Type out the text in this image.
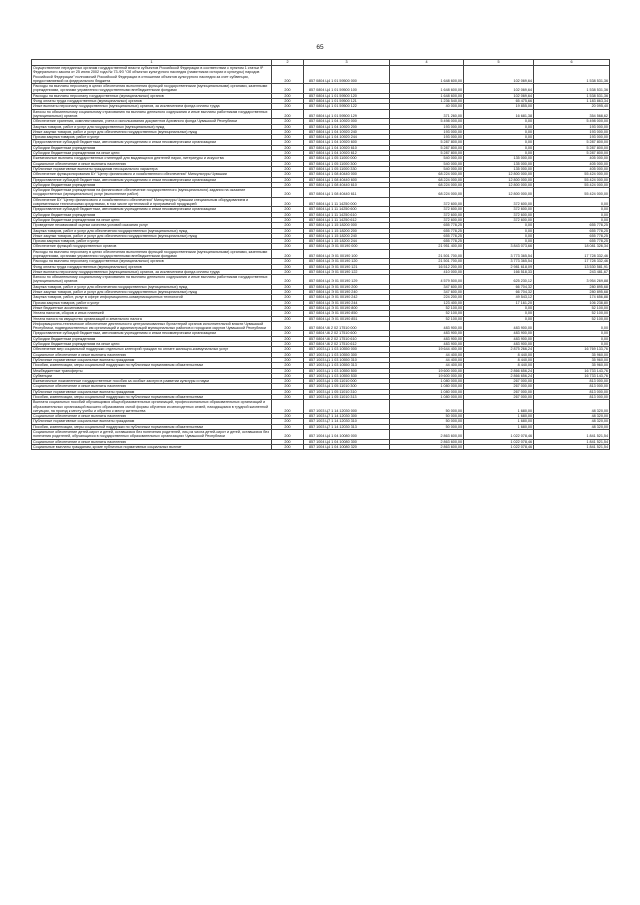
65
1	2	3	4	5	6
Осуществление переданных органам государственной власти субъектов Российской Федерации в соответствии с пунктом 1 статьи 9¹ Федерального закона от 25 июня 2002 года № 73-ФЗ "Об объектах культурного наследия (памятниках истории и культуры) народов Российской Федерации" полномочий Российской Федерации в отношении объектов культурного наследия за счет субвенции, предоставляемой из федерального бюджета	200	857 0804 Ц4 1 01 59500 000	1 648 600,00	102 069,64	1 538 531,36
Расходы на выплаты персоналу в целях обеспечения выполнения функций государственными (муниципальными) органами, казенными учреждениями, органами управления государственными внебюджетными фондами	200	857 0804 Ц4 1 01 59500 100	1 648 600,00	102 069,64	1 538 531,36
Расходы на выплаты персоналу государственных (муниципальных) органов	200	857 0804 Ц4 1 01 59500 120	1 648 600,00	102 069,64	1 538 531,36
Фонд оплаты труда государственных (муниципальных) органов	200	857 0804 Ц4 1 01 59500 121	1 236 540,00	65 475,66	1 183 863,34
Иные выплаты персоналу государственных (муниципальных) органов, за исключением фонда оплаты труда	200	857 0804 Ц4 1 01 59500 122	40 000,00	19 855,00	20 095,40
Взносы по обязательному социальному страхованию на выплаты денежного содержания и иные выплаты работникам государственных (муниципальных) органов	200	857 0804 Ц4 1 01 59500 129	371 260,00	16 681,38	354 568,62
Обеспечение хранения, комплектования, учета и использования документов Архивного фонда Чувашской Республики	200	857 0804 Ц4 1 04 10920 000	5 498 000,00	0,00	5 498 000,00
Закупка товаров, работ и услуг для государственных (муниципальных) нужд	200	857 0804 Ц4 1 04 10920 200	193 000,00	0,00	193 000,00
Иные закупки товаров, работ и услуг для обеспечения государственных (муниципальных) нужд	200	857 0804 Ц4 1 04 10920 240	193 000,00	0,00	193 000,00
Прочая закупка товаров, работ и услуг	200	857 0804 Ц4 1 04 10920 244	193 000,00	0,00	193 000,00
Предоставление субсидий бюджетным, автономным учреждениям и иным некоммерческим организациям	200	857 0804 Ц4 1 04 10920 600	5 287 800,00	0,00	5 287 800,00
Субсидии бюджетным учреждениям	200	857 0804 Ц4 1 04 10920 610	5 287 800,00	0,00	5 287 800,00
Субсидии бюджетным учреждениям на иные цели	200	857 0804 Ц4 1 04 10920 612	5 287 800,00	0,00	5 287 800,00
Ежемесячные выплаты государственных стипендий для выдающихся деятелей науки, литературы и искусства	200	857 0804 Ц4 1 05 11000 000	540 000,00	135 000,00	405 000,00
Социальное обеспечение и иные выплаты населению	200	857 0804 Ц4 1 05 11000 300	540 000,00	135 000,00	405 000,00
Публичные нормативные выплаты гражданам несоциального характера	200	857 0804 Ц4 1 05 11000 330	540 000,00	135 000,00	405 000,00
Обеспечение функционирования БУ "Центр финансового и хозяйственного обеспечения" Минкультуры Чувашии	200	857 0804 Ц4 1 08 40440 000	68 224 000,00	12 800 000,00	55 424 000,00
Предоставление субсидий бюджетным, автономным учреждениям и иным некоммерческим организациям	200	857 0804 Ц4 1 08 40440 600	68 224 000,00	12 800 000,00	55 424 000,00
Субсидии бюджетным учреждениям	200	857 0804 Ц4 1 08 40440 610	68 224 000,00	12 800 000,00	55 424 000,00
Субсидии бюджетным учреждениям на финансовое обеспечение государственного (муниципального) задания на оказание государственных (муниципальных) услуг (выполнение работ)	200	857 0804 Ц4 1 08 40440 611	68 224 000,00	12 800 000,00	55 424 000,00
Обеспечение БУ "Центр финансового и хозяйственного обеспечения" Минкультуры Чувашии специальным оборудованием и современными техническими средствами, в том числе оргтехникой и программной продукцией	200	857 0804 Ц4 1 11 14250 000	372 600,00	372 600,00	0,00
Предоставление субсидий бюджетным, автономным учреждениям и иным некоммерческим организациям	200	857 0804 Ц4 1 11 14250 600	372 600,00	372 600,00	0,00
Субсидии бюджетным учреждениям	200	857 0804 Ц4 1 11 14250 610	372 600,00	372 600,00	0,00
Субсидии бюджетным учреждениям на иные цели	200	857 0804 Ц4 1 11 14250 612	372 600,00	372 600,00	0,00
Проведение независимой оценки качества условий оказания услуг	200	857 0804 Ц4 1 15 18200 000	655 778,25	0,00	655 778,25
Закупка товаров, работ и услуг для обеспечения государственных (муниципальных) нужд	200	857 0804 Ц4 1 15 18200 200	655 778,25	0,00	655 778,25
Иные закупки товаров, работ и услуг для обеспечения государственных (муниципальных) нужд	200	857 0804 Ц4 1 15 18200 240	655 778,25	0,00	655 778,25
Прочая закупка товаров, работ и услуг	200	857 0804 Ц4 1 15 18200 244	655 778,25	0,00	655 778,25
Обеспечение функций государственных органов	200	857 0804 Ц4 Э 01 00190 000	21 951 400,00	3 843 073,66	18 081 326,34
Расходы на выплаты персоналу в целях обеспечения выполнения функций государственными (муниципальными) органами, казенными учреждениями, органами управления государственными внебюджетными фондами	200	857 0804 Ц4 Э 01 00190 100	21 501 700,00	3 773 365,54	17 728 332,46
Расходы на выплаты персоналу государственных (муниципальных) органов	200	857 0804 Ц4 Э 01 00190 120	21 501 700,00	3 773 365,54	17 728 332,46
Фонд оплаты труда государственных (муниципальных) органов	200	857 0804 Ц4 Э 01 00190 121	16 512 200,00	2 981 618,09	13 530 581,91
Иные выплаты персоналу государственных (муниципальных) органов, за исключением фонда оплаты труда	200	857 0804 Ц4 Э 01 00190 122	410 000,00	166 518,33	243 481,67
Взносы по обязательному социальному страхованию на выплаты денежного содержания и иные выплаты работникам государственных (муниципальных) органов	200	857 0804 Ц4 Э 01 00190 129	4 579 500,00	625 230,12	3 954 269,88
Закупка товаров, работ и услуг для обеспечения государственных (муниципальных) нужд	200	857 0804 Ц4 Э 01 00190 200	347 600,00	66 704,32	280 895,68
Иные закупки товаров, работ и услуг для обеспечения государственных (муниципальных) нужд	200	857 0804 Ц4 Э 01 00190 240	347 600,00	66 704,32	280 895,68
Закупка товаров, работ, услуг в сфере информационно-коммуникационных технологий	200	857 0804 Ц4 Э 01 00190 242	224 200,00	49 543,12	174 656,88
Прочая закупка товаров, работ и услуг	200	857 0804 Ц4 Э 01 00190 244	123 400,00	17 161,20	106 238,80
Иные бюджетные ассигнования	200	857 0804 Ц4 Э 01 00190 800	52 100,00	0,00	52 100,00
Уплата налогов, сборов и иных платежей	200	857 0804 Ц4 Э 01 00190 850	52 100,00	0,00	52 100,00
Уплата налога на имущество организаций и земельного налога	200	857 0804 Ц4 Э 01 00190 851	52 100,00	0,00	52 100,00
Информационно-техническое обеспечение деятельности централизованных бухгалтерий органов исполнительной власти Чувашской Республики, подведомственных им организаций и администраций муниципальных районов и городских округов Чувашской Республики	200	857 0804 Ч6 2 02 17510 000	483 900,00	483 900,00	0,00
Предоставление субсидий бюджетным, автономным учреждениям и иным некоммерческим организациям	200	857 0804 Ч6 2 02 17510 600	483 900,00	483 900,00	0,00
Субсидии бюджетным учреждениям	200	857 0804 Ч6 2 02 17510 610	483 900,00	483 900,00	0,00
Субсидии бюджетным учреждениям на иные цели	200	857 0804 Ч6 2 02 17510 612	483 900,00	483 900,00	0,00
Обеспечение мер социальной поддержки отдельных категорий граждан по оплате жилищно-коммунальных услуг	200	857 1003 Ц1 1 03 10550 000	19 644 400,00	2 875 266,24	16 769 133,76
Социальное обеспечение и иные выплаты населению	200	857 1003 Ц1 1 03 10550 300	44 400,00	8 440,00	35 960,00
Публичные нормативные социальные выплаты гражданам	200	857 1003 Ц1 1 03 10550 310	44 400,00	8 440,00	35 960,00
Пособия, компенсации, меры социальной поддержки по публичным нормативным обязательствам	200	857 1003 Ц1 1 03 10550 313	44 400,00	8 440,00	35 960,00
Межбюджетные трансферты	200	857 1003 Ц1 1 03 10550 500	19 600 000,00	2 866 656,24	16 733 143,76
Субвенции	200	857 1003 Ц1 1 03 10550 530	19 600 000,00	2 866 656,24	16 733 143,76
Ежемесячные пожизненные государственные пособия за особые заслуги в развитии культуры и науки	200	857 1003 Ц4 1 05 11010 000	1 080 000,00	267 000,00	813 000,00
Социальное обеспечение и иные выплаты населению	200	857 1003 Ц4 1 05 11010 300	1 080 000,00	267 000,00	813 000,00
Публичные нормативные социальные выплаты гражданам	200	857 1003 Ц4 1 05 11010 310	1 080 000,00	267 000,00	813 000,00
Пособия, компенсации, меры социальной поддержки по публичным нормативным обязательствам	200	857 1003 Ц4 1 05 11010 313	1 080 000,00	267 000,00	813 000,00
Выплата социальных пособий обучающимся общеобразовательных организаций, профессиональных образовательных организаций и образовательных организаций высшего образования очной формы обучения из многодетных семей, находящимся в трудной жизненной ситуации, на проезд к месту учебы и обратно к месту жительства	200	857 1003 Ц7 1 14 12030 000	50 000,00	1 680,00	48 320,00
Социальное обеспечение и иные выплаты населению	200	857 1003 Ц7 1 14 12030 300	50 000,00	1 680,00	48 320,00
Публичные нормативные социальные выплаты гражданам	200	857 1003 Ц7 1 14 12030 310	50 000,00	1 680,00	48 320,00
Пособия, компенсации, меры социальной поддержки по публичным нормативным обязательствам	200	857 1003 Ц7 1 14 12030 313	50 000,00	1 680,00	48 320,00
Социальное обеспечение детей-сирот и детей, оставшихся без попечения родителей, лиц из числа детей-сирот и детей, оставшихся без попечения родителей, обучающихся в государственных образовательных организациях Чувашской Республики	200	857 1004 Ц4 1 04 10080 000	2 863 600,00	1 022 078,46	1 841 521,54
Социальное обеспечение и иные выплаты населению	200	857 1004 Ц4 1 04 10080 300	2 863 600,00	1 022 078,46	1 841 521,54
Социальные выплаты гражданам, кроме публичных нормативных социальных выплат	200	857 1004 Ц4 1 04 10080 320	2 863 600,00	1 022 078,46	1 841 521,54
